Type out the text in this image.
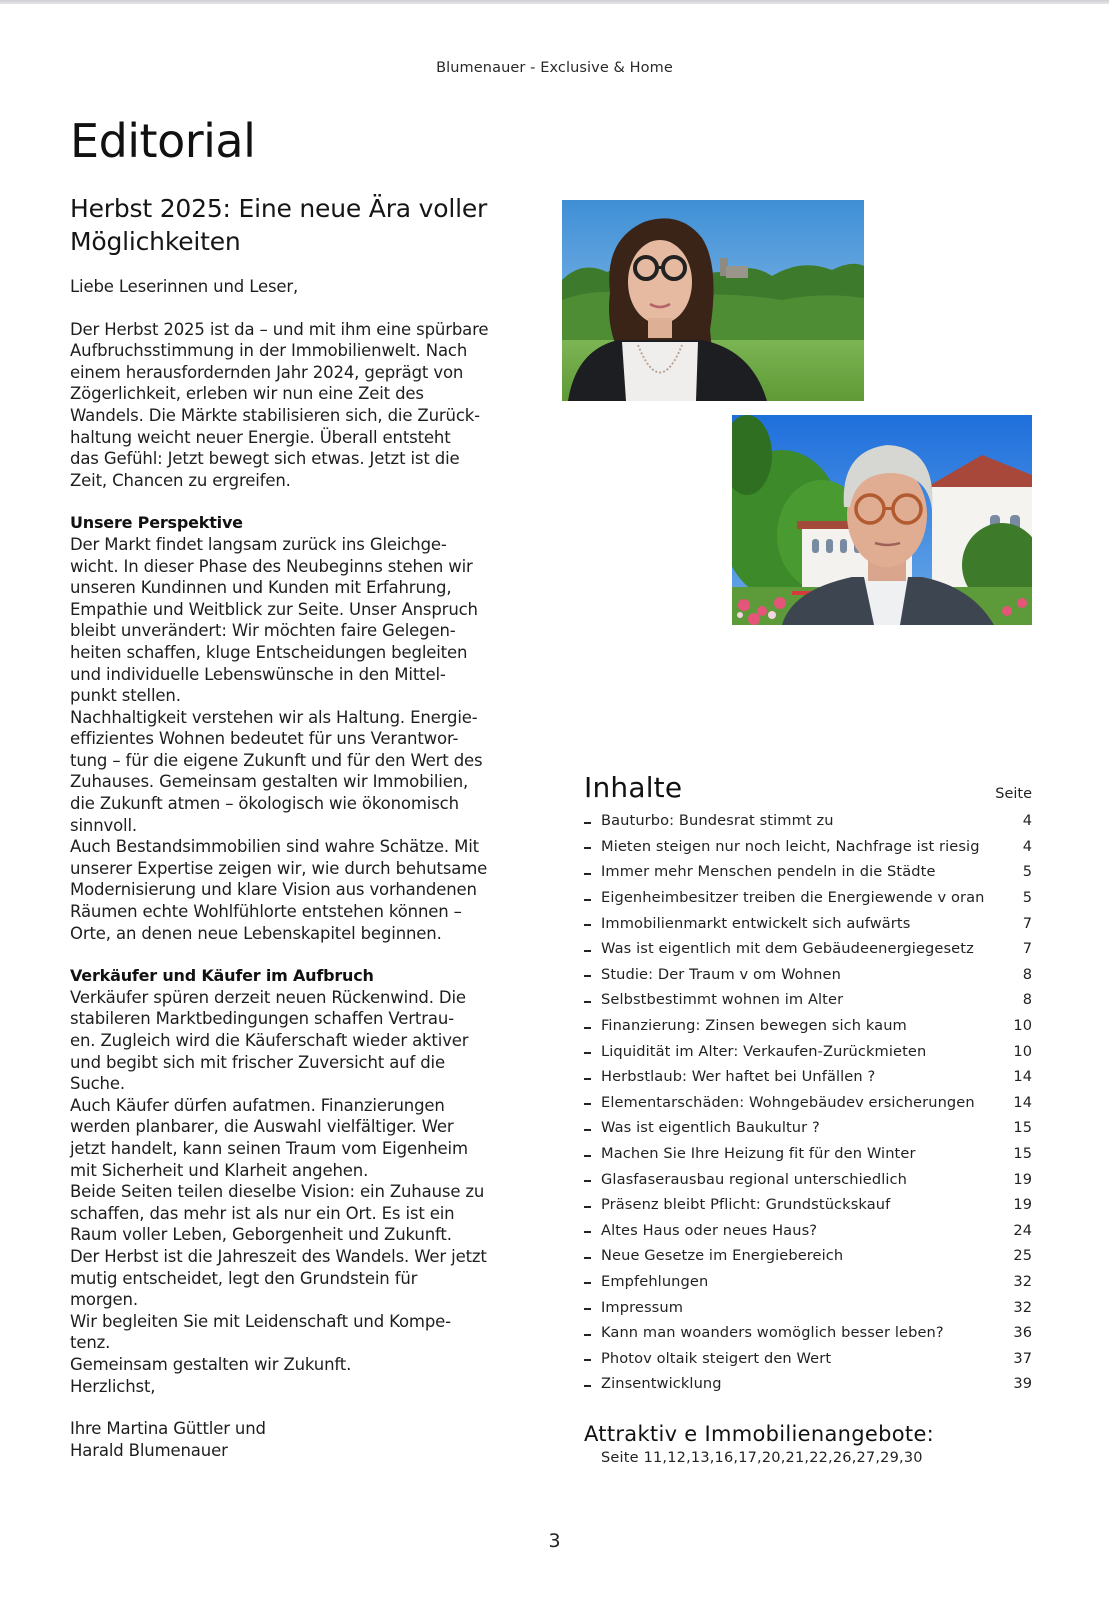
Blumenauer - Exclusive & Home
Editorial
Herbst 2025: Eine neue Ära voller
Möglichkeiten

Liebe Leserinnen und Leser,

Der Herbst 2025 ist da – und mit ihm eine spürbare
Aufbruchsstimmung in der Immobilienwelt. Nach
einem herausfordernden Jahr 2024, geprägt von
Zögerlichkeit, erleben wir nun eine Zeit des
Wandels. Die Märkte stabilisieren sich, die Zurück-
haltung weicht neuer Energie. Überall entsteht
das Gefühl: Jetzt bewegt sich etwas. Jetzt ist die
Zeit, Chancen zu ergreifen.

Unsere Perspektive

Der Markt findet langsam zurück ins Gleichge-
wicht. In dieser Phase des Neubeginns stehen wir
unseren Kundinnen und Kunden mit Erfahrung,
Empathie und Weitblick zur Seite. Unser Anspruch
bleibt unverändert: Wir möchten faire Gelegen-
heiten schaffen, kluge Entscheidungen begleiten
und individuelle Lebenswünsche in den Mittel-
punkt stellen.
Nachhaltigkeit verstehen wir als Haltung. Energie-
effizientes Wohnen bedeutet für uns Verantwor-
tung – für die eigene Zukunft und für den Wert des
Zuhauses. Gemeinsam gestalten wir Immobilien,
die Zukunft atmen – ökologisch wie ökonomisch
sinnvoll.
Auch Bestandsimmobilien sind wahre Schätze. Mit
unserer Expertise zeigen wir, wie durch behutsame
Modernisierung und klare Vision aus vorhandenen
Räumen echte Wohlfühlorte entstehen können –
Orte, an denen neue Lebenskapitel beginnen.

Verkäufer und Käufer im Aufbruch

Verkäufer spüren derzeit neuen Rückenwind. Die
stabileren Marktbedingungen schaffen Vertrau-
en. Zugleich wird die Käuferschaft wieder aktiver
und begibt sich mit frischer Zuversicht auf die
Suche.
Auch Käufer dürfen aufatmen. Finanzierungen
werden planbarer, die Auswahl vielfältiger. Wer
jetzt handelt, kann seinen Traum vom Eigenheim
mit Sicherheit und Klarheit angehen.
Beide Seiten teilen dieselbe Vision: ein Zuhause zu
schaffen, das mehr ist als nur ein Ort. Es ist ein
Raum voller Leben, Geborgenheit und Zukunft.
Der Herbst ist die Jahreszeit des Wandels. Wer jetzt
mutig entscheidet, legt den Grundstein für
morgen.
Wir begleiten Sie mit Leidenschaft und Kompe-
tenz.
Gemeinsam gestalten wir Zukunft.
Herzlichst,

Ihre Martina Güttler und
Harald Blumenauer

Inhalte	Seite
Bauturbo: Bundesrat stimmt zu	4
Mieten steigen nur noch leicht, Nachfrage ist riesig	4
Immer mehr Menschen pendeln in die Städte	5
Eigenheimbesitzer treiben die Energiewende v oran	5
Immobilienmarkt entwickelt sich aufwärts	7
Was ist eigentlich mit dem Gebäudeenergiegesetz	7
Studie: Der Traum v om Wohnen	8
Selbstbestimmt wohnen im Alter	8
Finanzierung: Zinsen bewegen sich kaum	10
Liquidität im Alter: Verkaufen-Zurückmieten	10
Herbstlaub: Wer haftet bei Unfällen ?	14
Elementarschäden: Wohngebäudev ersicherungen	14
Was ist eigentlich Baukultur ?	15
Machen Sie Ihre Heizung fit für den Winter	15
Glasfaserausbau regional unterschiedlich	19
Präsenz bleibt Pflicht: Grundstückskauf	19
Altes Haus oder neues Haus?	24
Neue Gesetze im Energiebereich	25
Empfehlungen	32
Impressum	32
Kann man woanders womöglich besser leben?	36
Photov oltaik steigert den Wert	37
Zinsentwicklung	39
Attraktiv e Immobilienangebote:
Seite 11,12,13,16,17,20,21,22,26,27,29,30
3
